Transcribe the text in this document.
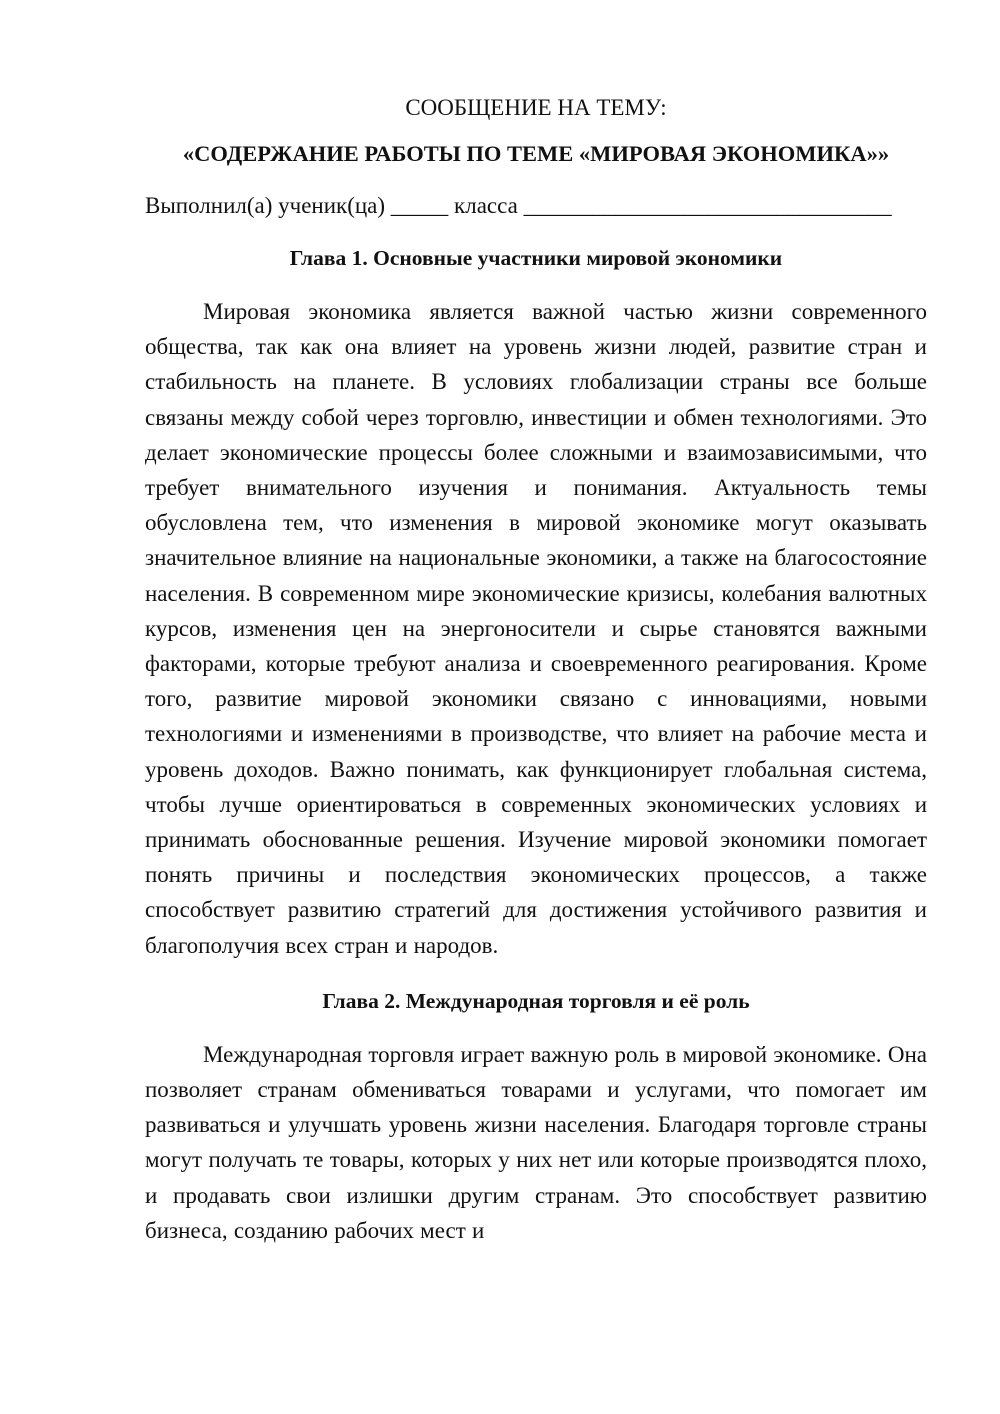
СООБЩЕНИЕ НА ТЕМУ:

«СОДЕРЖАНИЕ РАБОТЫ ПО ТЕМЕ «МИРОВАЯ ЭКОНОМИКА»»

Выполнил(а) ученик(ца) _____ класса ________________________________
Глава 1. Основные участники мировой экономики

Мировая экономика является важной частью жизни современного общества, так как она влияет на уровень жизни людей, развитие стран и стабильность на планете. В условиях глобализации страны все больше связаны между собой через торговлю, инвестиции и обмен технологиями. Это делает экономические процессы более сложными и взаимозависимыми, что требует внимательного изучения и понимания. Актуальность темы обусловлена тем, что изменения в мировой экономике могут оказывать значительное влияние на национальные экономики, а также на благосостояние населения. В современном мире экономические кризисы, колебания валютных курсов, изменения цен на энергоносители и сырье становятся важными факторами, которые требуют анализа и своевременного реагирования. Кроме того, развитие мировой экономики связано с инновациями, новыми технологиями и изменениями в производстве, что влияет на рабочие места и уровень доходов. Важно понимать, как функционирует глобальная система, чтобы лучше ориентироваться в современных экономических условиях и принимать обоснованные решения. Изучение мировой экономики помогает понять причины и последствия экономических процессов, а также способствует развитию стратегий для достижения устойчивого развития и благополучия всех стран и народов.

Глава 2. Международная торговля и её роль

Международная торговля играет важную роль в мировой экономике. Она позволяет странам обмениваться товарами и услугами, что помогает им развиваться и улучшать уровень жизни населения. Благодаря торговле страны могут получать те товары, которых у них нет или которые производятся плохо, и продавать свои излишки другим странам. Это способствует развитию бизнеса, созданию рабочих мест и
